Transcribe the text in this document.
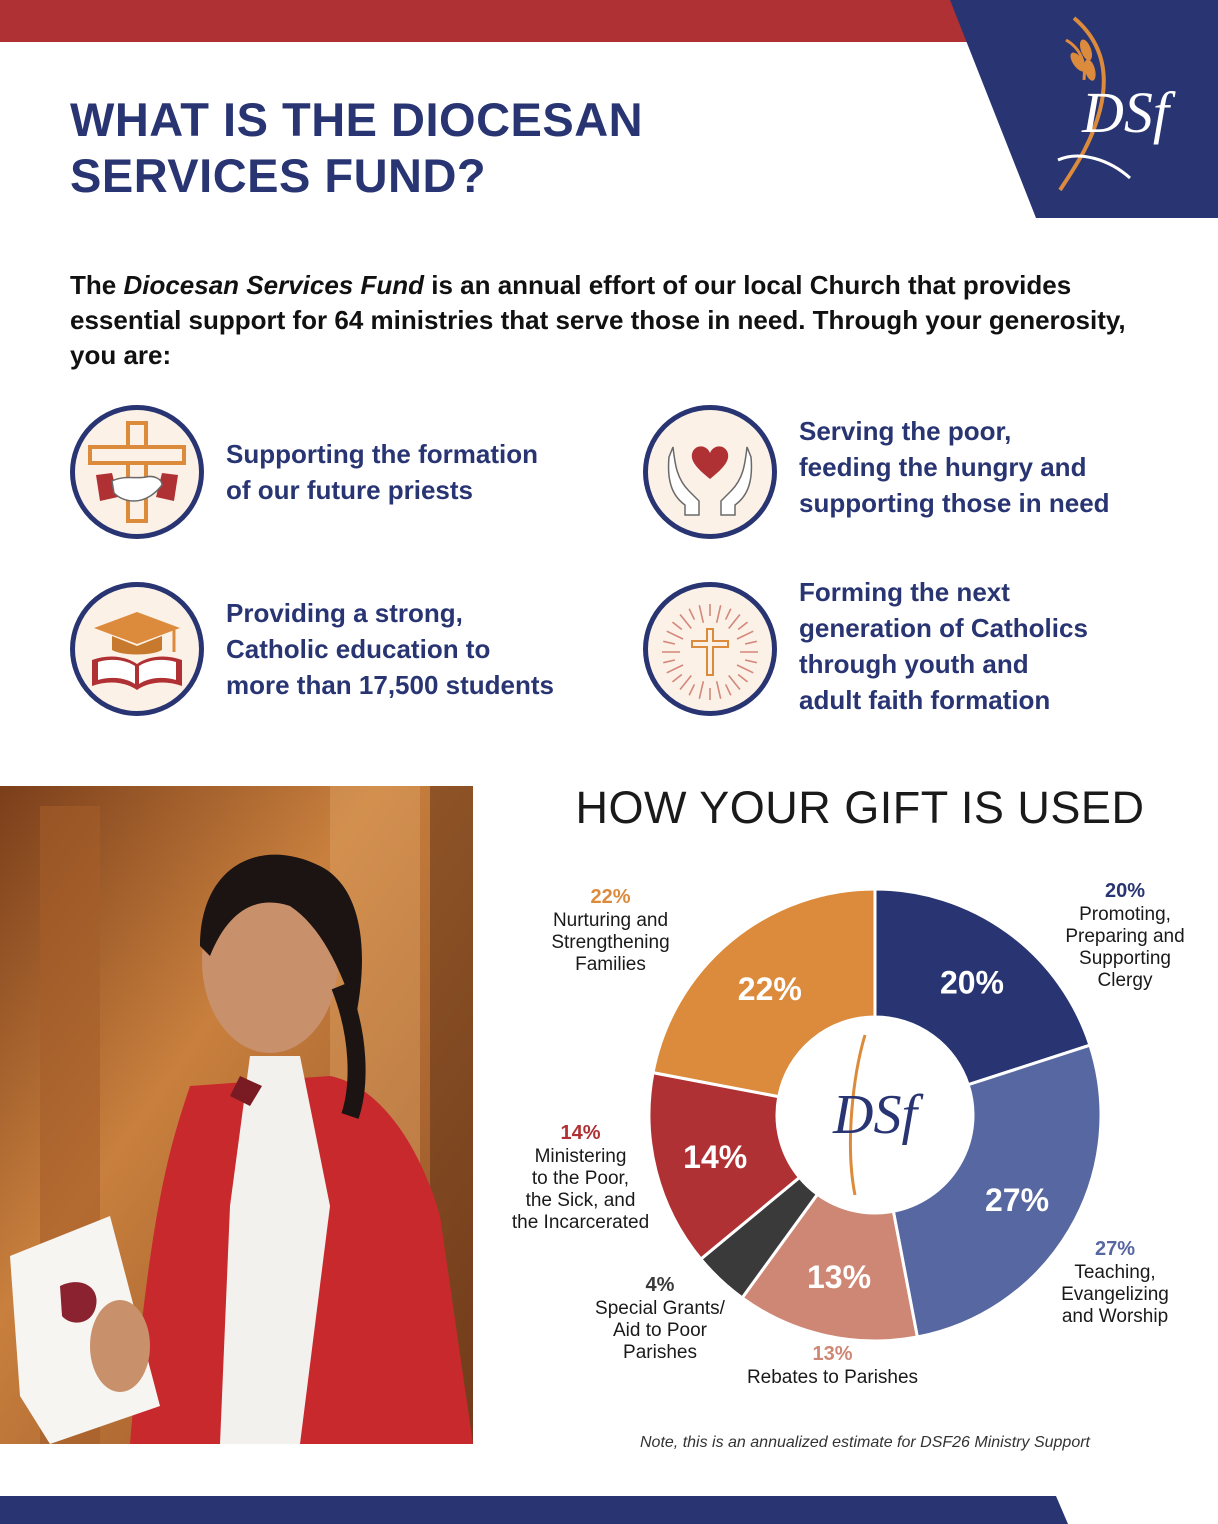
DSf
WHAT IS THE DIOCESAN
SERVICES FUND?
The Diocesan Services Fund is an annual effort of our local Church that provides essential support for 64 ministries that serve those in need. Through your generosity, you are:
Supporting the formation
of our future priests
Serving the poor,
feeding the hungry and
supporting those in need
Providing a strong,
Catholic education to
more than 17,500 students
Forming the next
generation of Catholics
through youth and
adult faith formation
HOW YOUR GIFT IS USED
20%
27%
13%
14%
22%
DSf
20%
Promoting,
Preparing and
Supporting
Clergy
27%
Teaching,
Evangelizing
and Worship
13%
Rebates to Parishes
4%
Special Grants/
Aid to Poor
Parishes
14%
Ministering
to the Poor,
the Sick, and
the Incarcerated
22%
Nurturing and
Strengthening
Families
Note, this is an annualized estimate for DSF26 Ministry Support
